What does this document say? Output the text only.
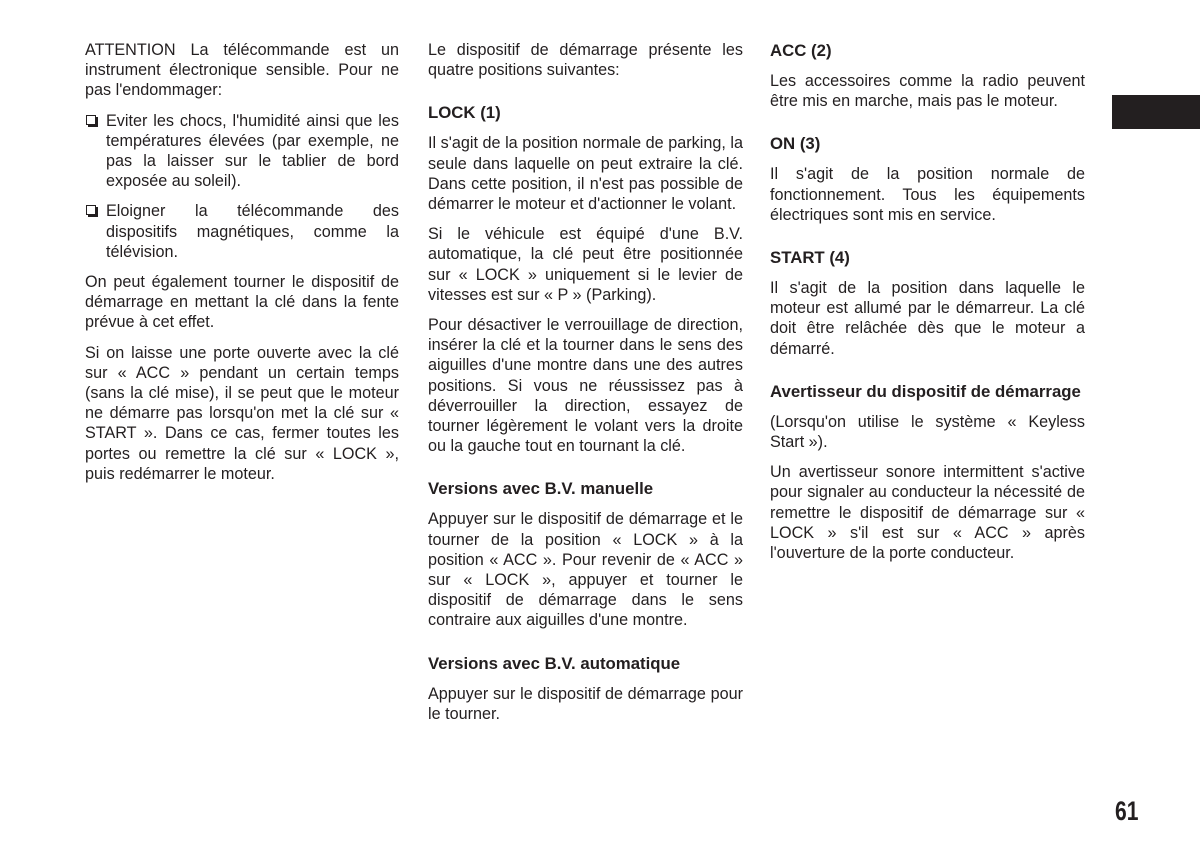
ATTENTION La télécommande est un instrument électronique sensible. Pour ne pas l'endommager:

Eviter les chocs, l'humidité ainsi que les températures élevées (par exemple, ne pas la laisser sur le tablier de bord exposée au soleil).
Eloigner la télécommande des dispositifs magnétiques, comme la télévision.

On peut également tourner le dispositif de démarrage en mettant la clé dans la fente prévue à cet effet.

Si on laisse une porte ouverte avec la clé sur « ACC » pendant un certain temps (sans la clé mise), il se peut que le moteur ne démarre pas lorsqu'on met la clé sur « START ». Dans ce cas, fermer toutes les portes ou remettre la clé sur « LOCK », puis redémarrer le moteur.

Le dispositif de démarrage présente les quatre positions suivantes:

LOCK (1)

Il s'agit de la position normale de parking, la seule dans laquelle on peut extraire la clé. Dans cette position, il n'est pas possible de démarrer le moteur et d'actionner le volant.

Si le véhicule est équipé d'une B.V. automatique, la clé peut être positionnée sur « LOCK » uniquement si le levier de vitesses est sur « P » (Parking).

Pour désactiver le verrouillage de direction, insérer la clé et la tourner dans le sens des aiguilles d'une montre dans une des autres positions. Si vous ne réussissez pas à déverrouiller la direction, essayez de tourner légèrement le volant vers la droite ou la gauche tout en tournant la clé.

Versions avec B.V. manuelle

Appuyer sur le dispositif de démarrage et le tourner de la position « LOCK » à la position « ACC ». Pour revenir de « ACC » sur « LOCK », appuyer et tourner le dispositif de démarrage dans le sens contraire aux aiguilles d'une montre.

Versions avec B.V. automatique

Appuyer sur le dispositif de démarrage pour le tourner.

ACC (2)

Les accessoires comme la radio peuvent être mis en marche, mais pas le moteur.

ON (3)

Il s'agit de la position normale de fonctionnement. Tous les équipements électriques sont mis en service.

START (4)

Il s'agit de la position dans laquelle le moteur est allumé par le démarreur. La clé doit être relâchée dès que le moteur a démarré.

Avertisseur du dispositif de démarrage

(Lorsqu'on utilise le système « Keyless Start »).

Un avertisseur sonore intermittent s'active pour signaler au conducteur la nécessité de remettre le dispositif de démarrage sur « LOCK » s'il est sur « ACC » après l'ouverture de la porte conducteur.

61
